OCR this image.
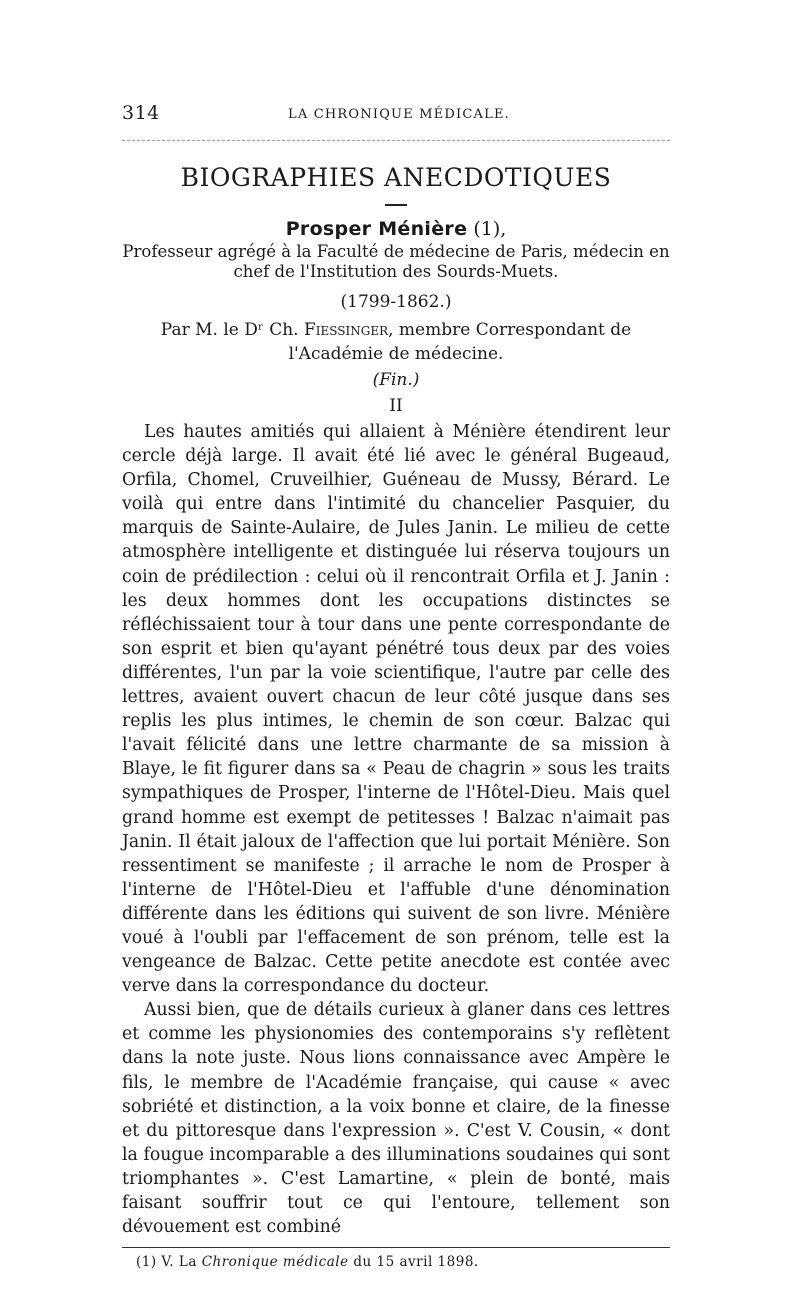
314	LA CHRONIQUE MÉDICALE.
BIOGRAPHIES ANECDOTIQUES
Prosper Ménière (1),

Professeur agrégé à la Faculté de médecine de Paris, médecin en chef de l'Institution des Sourds-Muets.

(1799-1862.)
Par M. le Dʳ Ch. Fiessinger, membre Correspondant de l'Académie de médecine.
(Fin.)
II

Les hautes amitiés qui allaient à Ménière étendirent leur cercle déjà large. Il avait été lié avec le général Bugeaud, Orfila, Chomel, Cruveilhier, Guéneau de Mussy, Bérard. Le voilà qui entre dans l'intimité du chancelier Pasquier, du marquis de Sainte-Aulaire, de Jules Janin. Le milieu de cette atmosphère intelligente et distinguée lui réserva toujours un coin de prédilection : celui où il rencontrait Orfila et J. Janin : les deux hommes dont les occupations distinctes se réfléchissaient tour à tour dans une pente correspondante de son esprit et bien qu'ayant pénétré tous deux par des voies différentes, l'un par la voie scientifique, l'autre par celle des lettres, avaient ouvert chacun de leur côté jusque dans ses replis les plus intimes, le chemin de son cœur. Balzac qui l'avait félicité dans une lettre charmante de sa mission à Blaye, le fit figurer dans sa « Peau de chagrin » sous les traits sympathiques de Prosper, l'interne de l'Hôtel-Dieu. Mais quel grand homme est exempt de petitesses ! Balzac n'aimait pas Janin. Il était jaloux de l'affection que lui portait Ménière. Son ressentiment se manifeste ; il arrache le nom de Prosper à l'interne de l'Hôtel-Dieu et l'affuble d'une dénomination différente dans les éditions qui suivent de son livre. Ménière voué à l'oubli par l'effacement de son prénom, telle est la vengeance de Balzac. Cette petite anecdote est contée avec verve dans la correspondance du docteur.

Aussi bien, que de détails curieux à glaner dans ces lettres et comme les physionomies des contemporains s'y reflètent dans la note juste. Nous lions connaissance avec Ampère le fils, le membre de l'Académie française, qui cause « avec sobriété et distinction, a la voix bonne et claire, de la finesse et du pittoresque dans l'expression ». C'est V. Cousin, « dont la fougue incomparable a des illuminations soudaines qui sont triomphantes ». C'est Lamartine, « plein de bonté, mais faisant souffrir tout ce qui l'entoure, tellement son dévouement est combiné

(1) V. La Chronique médicale du 15 avril 1898.
